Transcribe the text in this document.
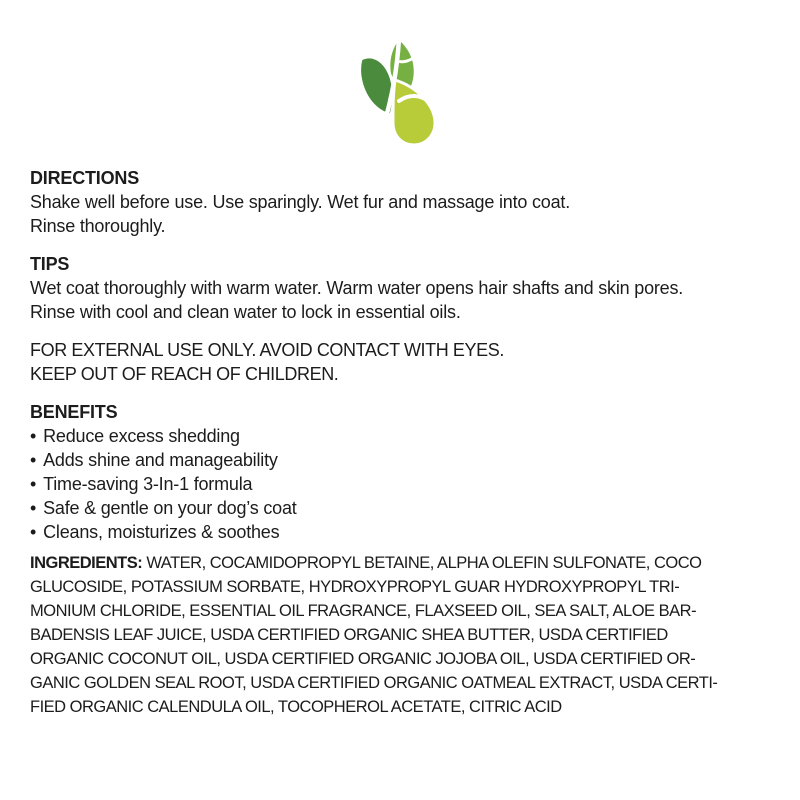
DIRECTIONS
Shake well before use. Use sparingly. Wet fur and massage into coat.
Rinse thoroughly.
TIPS
Wet coat thoroughly with warm water. Warm water opens hair shafts and skin pores.
Rinse with cool and clean water to lock in essential oils.
FOR EXTERNAL USE ONLY. AVOID CONTACT WITH EYES.
KEEP OUT OF REACH OF CHILDREN.
BENEFITS
• Reduce excess shedding
• Adds shine and manageability
• Time-saving 3-In-1 formula
• Safe & gentle on your dog’s coat
• Cleans, moisturizes & soothes
INGREDIENTS: WATER, COCAMIDOPROPYL BETAINE, ALPHA OLEFIN SULFONATE, COCO
GLUCOSIDE, POTASSIUM SORBATE, HYDROXYPROPYL GUAR HYDROXYPROPYL TRI-
MONIUM CHLORIDE, ESSENTIAL OIL FRAGRANCE, FLAXSEED OIL, SEA SALT, ALOE BAR-
BADENSIS LEAF JUICE, USDA CERTIFIED ORGANIC SHEA BUTTER, USDA CERTIFIED
ORGANIC COCONUT OIL, USDA CERTIFIED ORGANIC JOJOBA OIL, USDA CERTIFIED OR-
GANIC GOLDEN SEAL ROOT, USDA CERTIFIED ORGANIC OATMEAL EXTRACT, USDA CERTI-
FIED ORGANIC CALENDULA OIL, TOCOPHEROL ACETATE, CITRIC ACID
